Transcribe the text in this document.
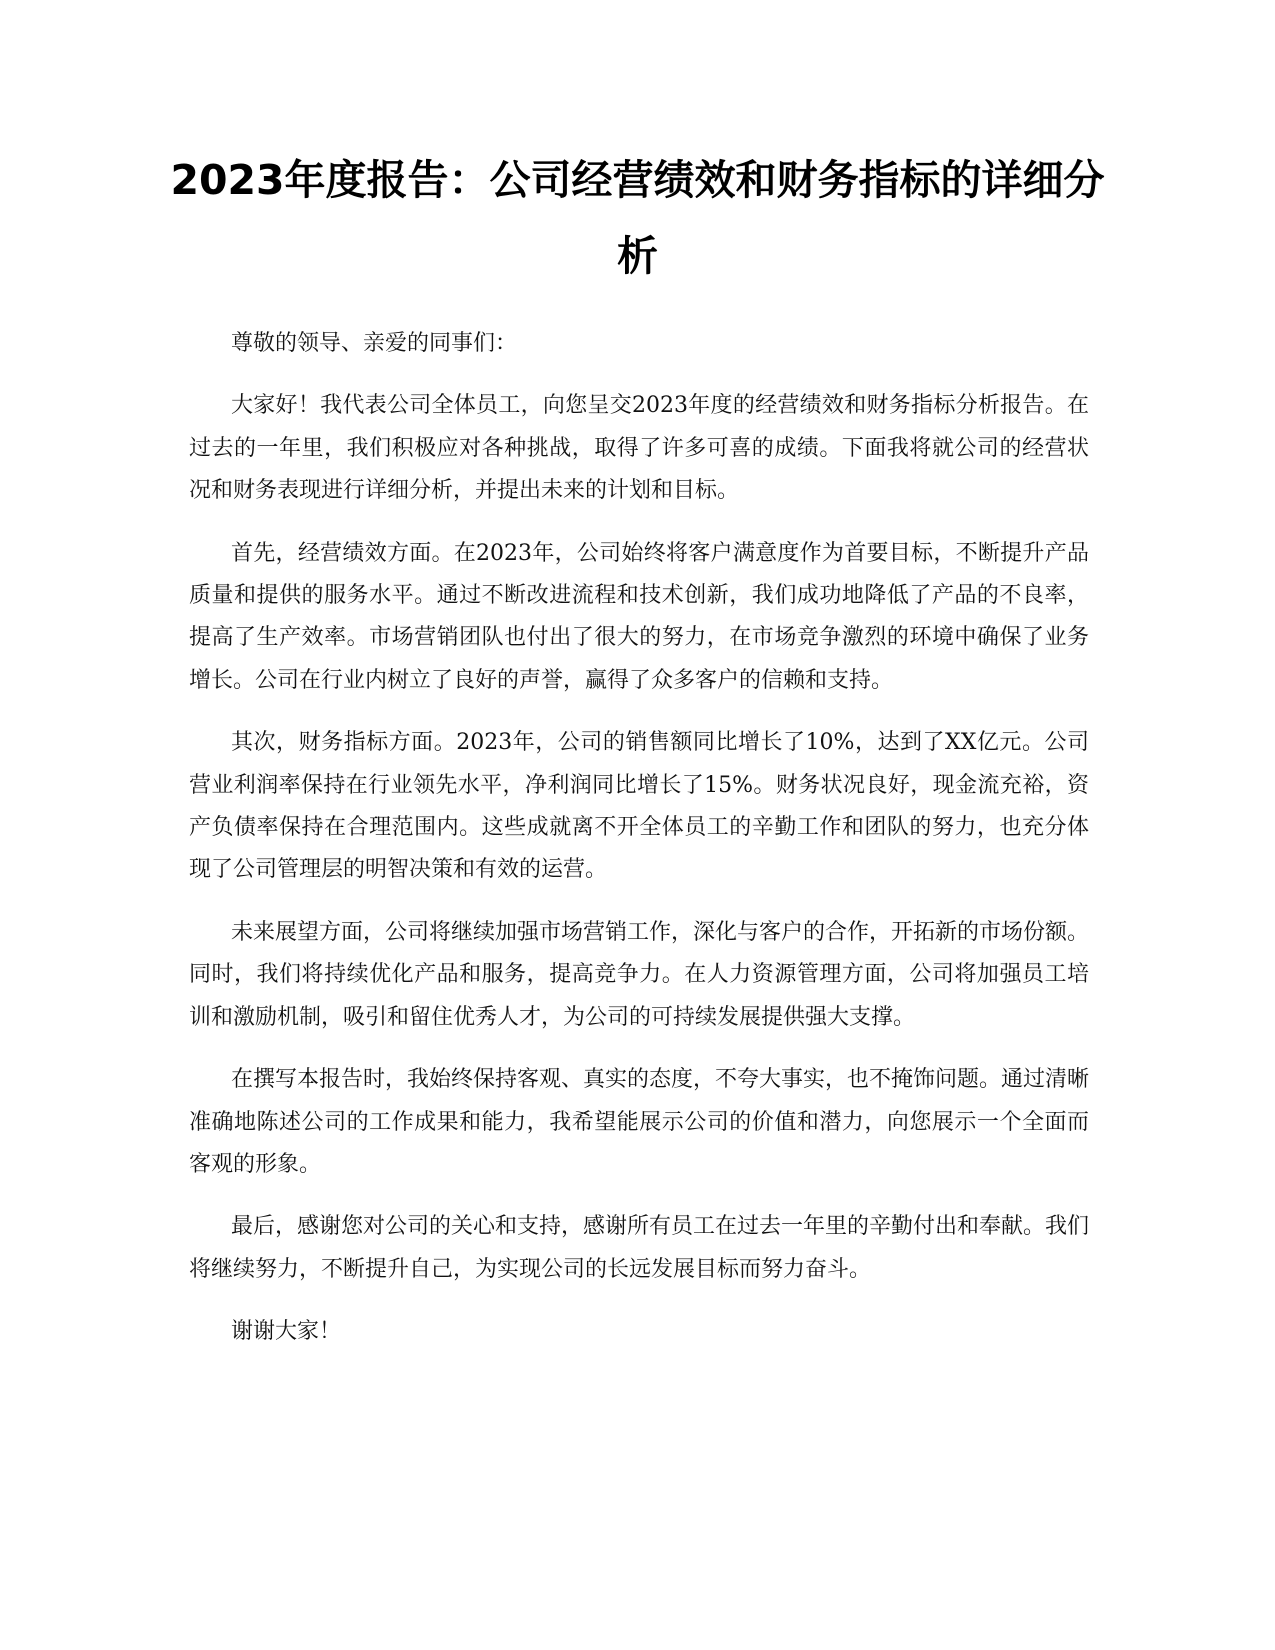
2023年度报告：公司经营绩效和财务指标的详细分析

尊敬的领导、亲爱的同事们：

大家好！我代表公司全体员工，向您呈交2023年度的经营绩效和财务指标分析报告。在过去的一年里，我们积极应对各种挑战，取得了许多可喜的成绩。下面我将就公司的经营状况和财务表现进行详细分析，并提出未来的计划和目标。

首先，经营绩效方面。在2023年，公司始终将客户满意度作为首要目标，不断提升产品质量和提供的服务水平。通过不断改进流程和技术创新，我们成功地降低了产品的不良率，提高了生产效率。市场营销团队也付出了很大的努力，在市场竞争激烈的环境中确保了业务增长。公司在行业内树立了良好的声誉，赢得了众多客户的信赖和支持。

其次，财务指标方面。2023年，公司的销售额同比增长了10%，达到了XX亿元。公司营业利润率保持在行业领先水平，净利润同比增长了15%。财务状况良好，现金流充裕，资产负债率保持在合理范围内。这些成就离不开全体员工的辛勤工作和团队的努力，也充分体现了公司管理层的明智决策和有效的运营。

未来展望方面，公司将继续加强市场营销工作，深化与客户的合作，开拓新的市场份额。同时，我们将持续优化产品和服务，提高竞争力。在人力资源管理方面，公司将加强员工培训和激励机制，吸引和留住优秀人才，为公司的可持续发展提供强大支撑。

在撰写本报告时，我始终保持客观、真实的态度，不夸大事实，也不掩饰问题。通过清晰准确地陈述公司的工作成果和能力，我希望能展示公司的价值和潜力，向您展示一个全面而客观的形象。

最后，感谢您对公司的关心和支持，感谢所有员工在过去一年里的辛勤付出和奉献。我们将继续努力，不断提升自己，为实现公司的长远发展目标而努力奋斗。

谢谢大家！
